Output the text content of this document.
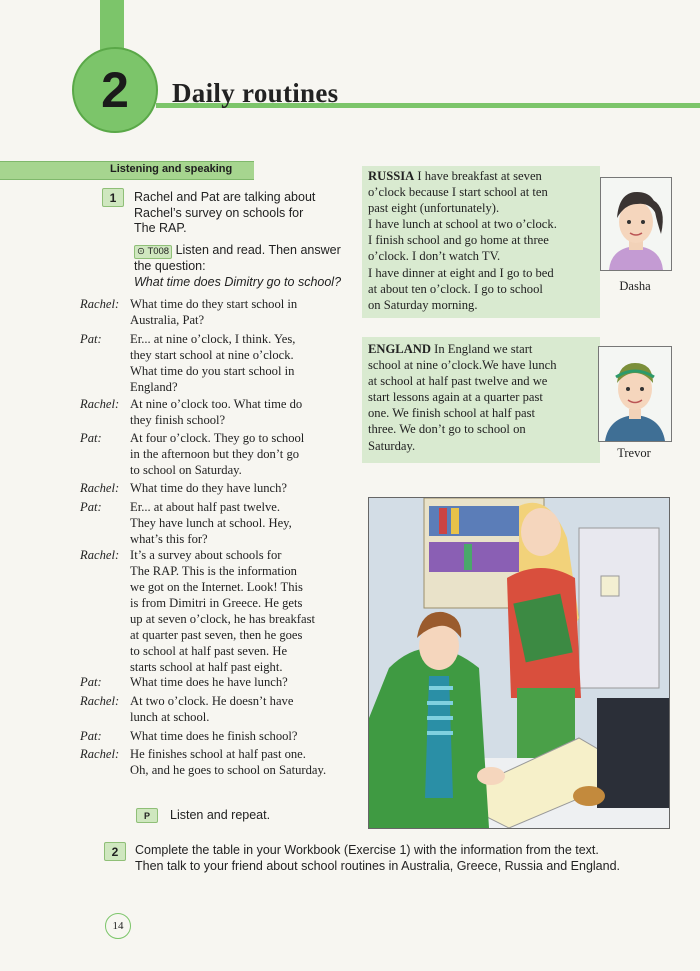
2	Daily routines
Listening and speaking
1	Rachel and Pat are talking about
Rachel’s survey on schools for
The RAP.
⊙ T008 Listen and read. Then answer
the question:
What time does Dimitry go to school?
Rachel: What time do they start school in
Australia, Pat?
Pat: Er... at nine o’clock, I think. Yes,
they start school at nine o’clock.
What time do you start school in
England?
Rachel: At nine o’clock too. What time do
they finish school?
Pat: At four o’clock. They go to school
in the afternoon but they don’t go
to school on Saturday.
Rachel: What time do they have lunch?
Pat: Er... at about half past twelve.
They have lunch at school. Hey,
what’s this for?
Rachel: It’s a survey about schools for
The RAP. This is the information
we got on the Internet. Look! This
is from Dimitri in Greece. He gets
up at seven o’clock, he has breakfast
at quarter past seven, then he goes
to school at half past seven. He
starts school at half past eight.
Pat: What time does he have lunch?
Rachel: At two o’clock. He doesn’t have
lunch at school.
Pat: What time does he finish school?
Rachel: He finishes school at half past one.
Oh, and he goes to school on Saturday.
RUSSIA I have breakfast at seven
o’clock because I start school at ten
past eight (unfortunately).
I have lunch at school at two o’clock.
I finish school and go home at three
o’clock. I don’t watch TV.
I have dinner at eight and I go to bed
at about ten o’clock. I go to school
on Saturday morning.
Dasha
ENGLAND In England we start
school at nine o’clock.We have lunch
at school at half past twelve and we
start lessons again at a quarter past
one. We finish school at half past
three. We don’t go to school on
Saturday.
Trevor
P	Listen and repeat.
2	Complete the table in your Workbook (Exercise 1) with the information from the text.
Then talk to your friend about school routines in Australia, Greece, Russia and England.
14
